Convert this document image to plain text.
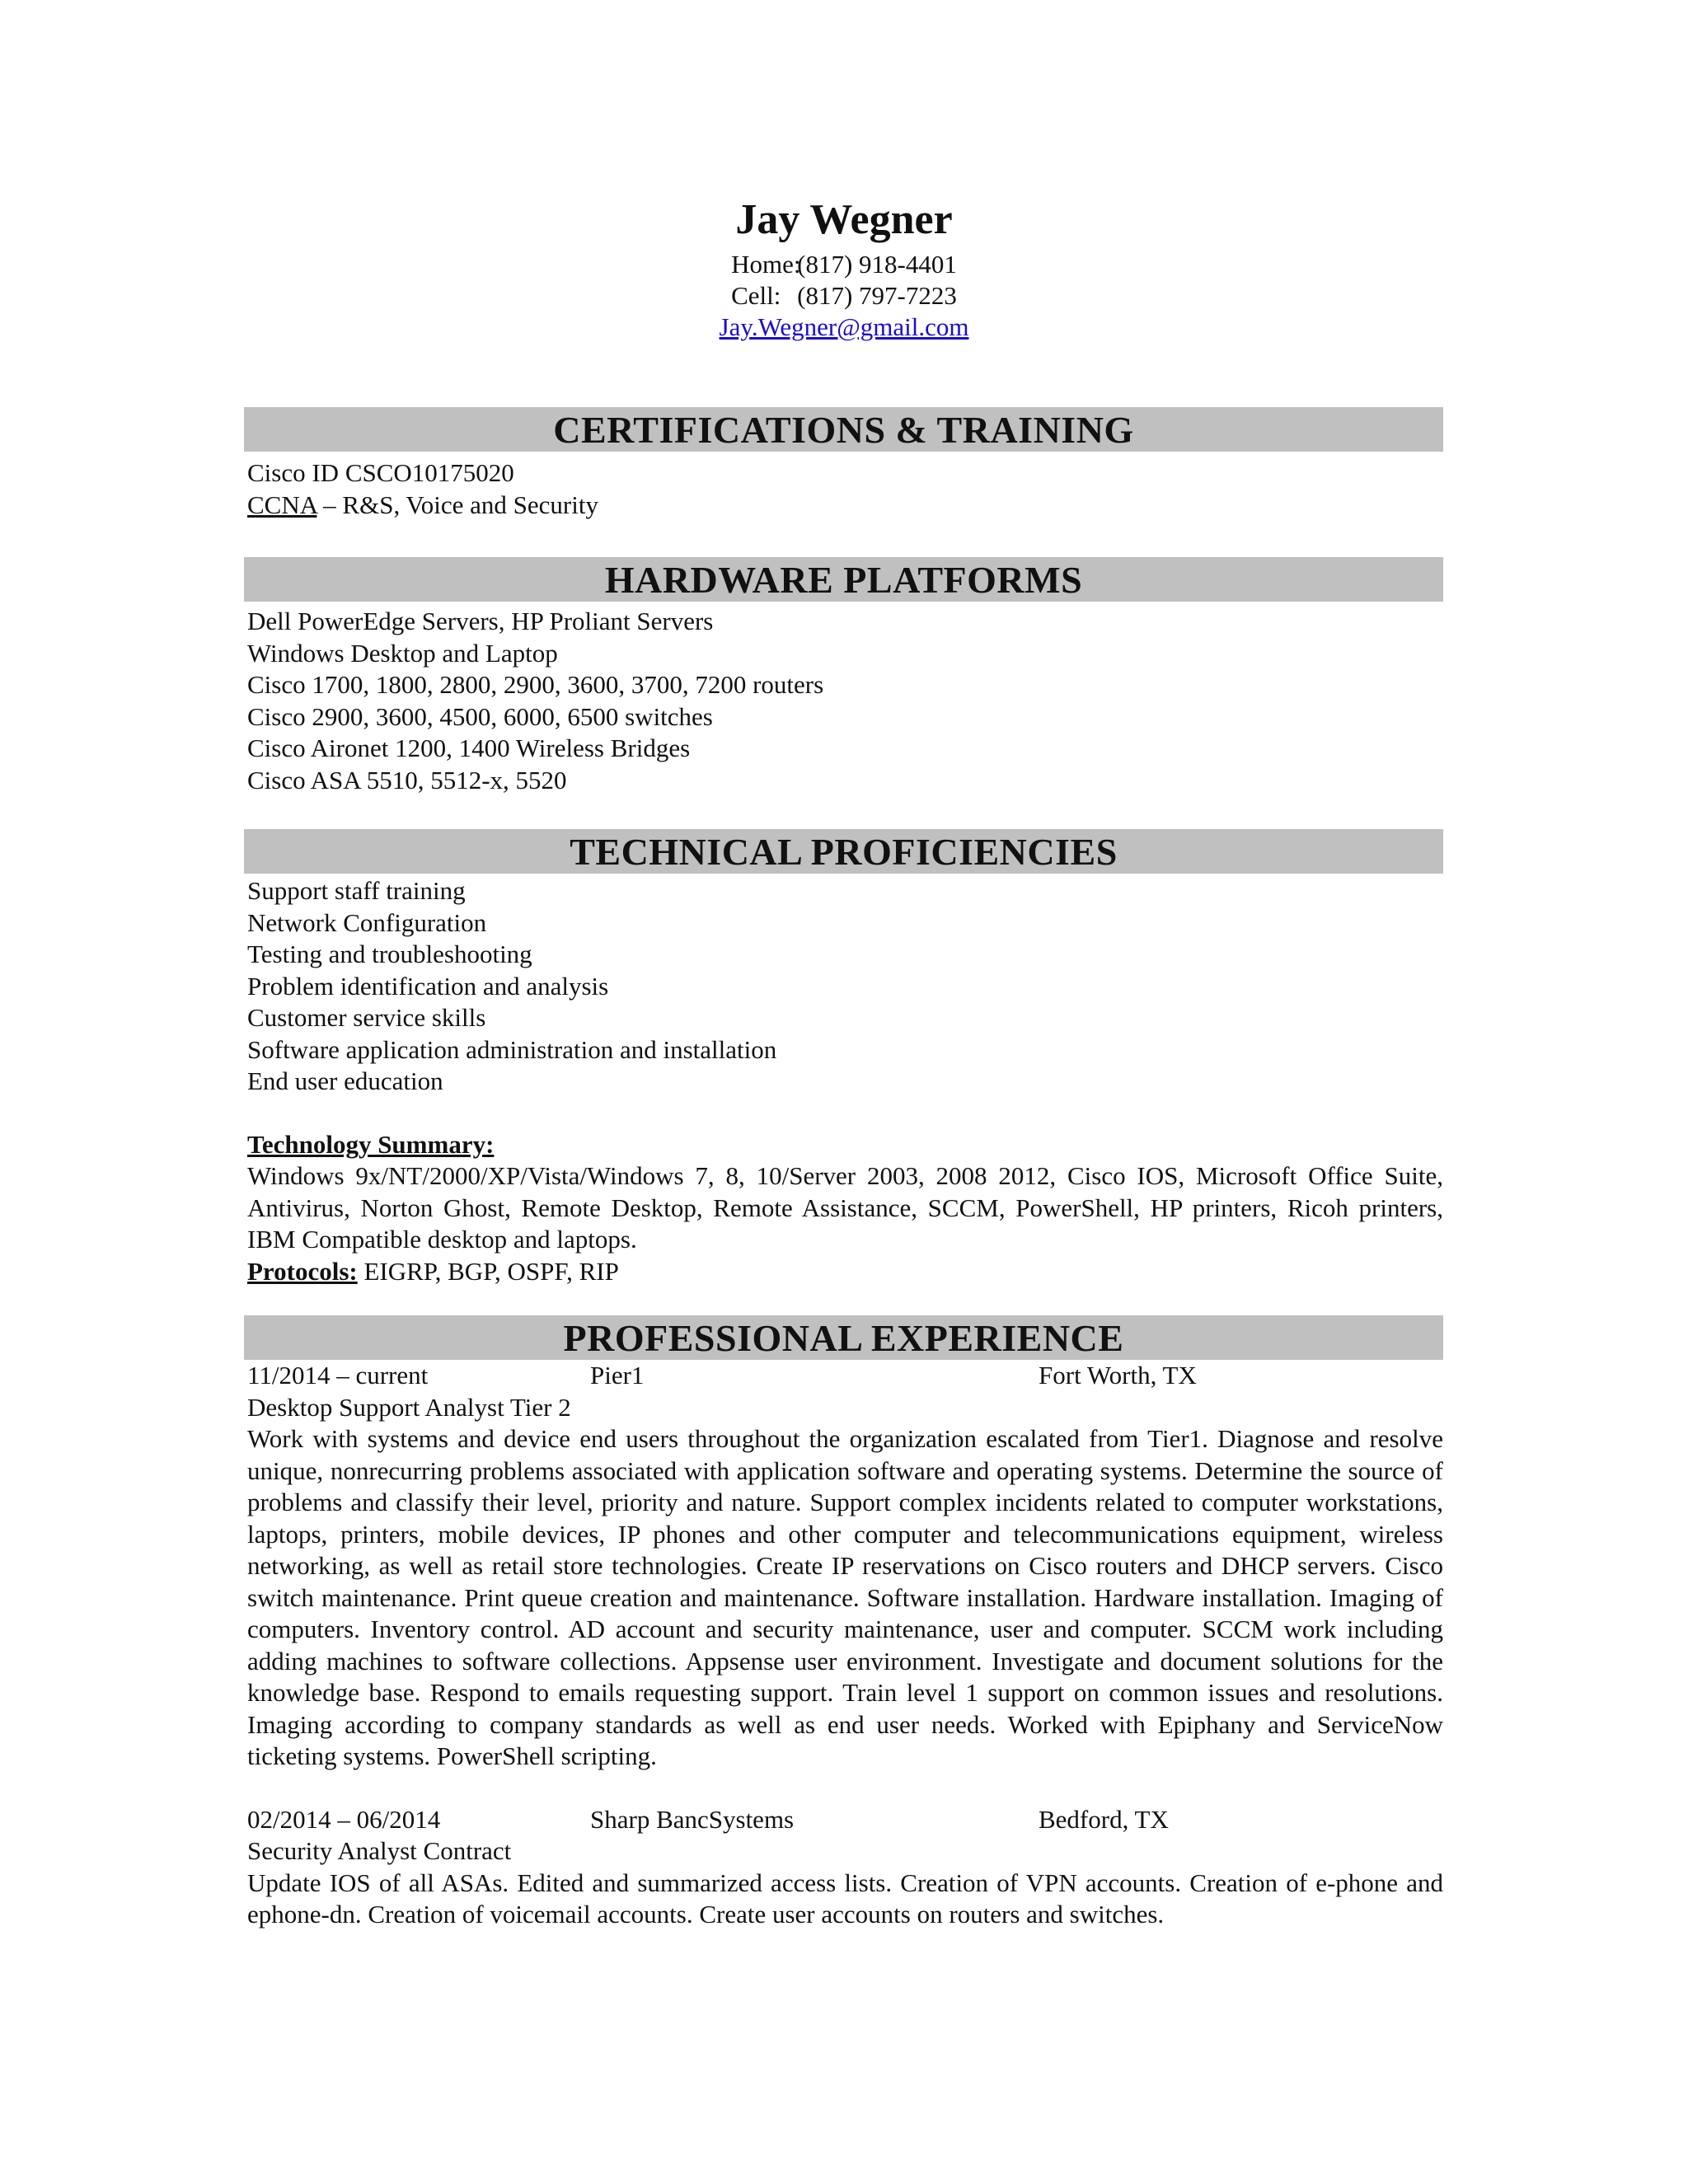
Jay Wegner
Home:(817) 918-4401
Cell: (817) 797-7223
Jay.Wegner@gmail.com
CERTIFICATIONS & TRAINING
Cisco ID CSCO10175020
CCNA – R&S, Voice and Security
HARDWARE PLATFORMS
Dell PowerEdge Servers, HP Proliant Servers
Windows Desktop and Laptop
Cisco 1700, 1800, 2800, 2900, 3600, 3700, 7200 routers
Cisco 2900, 3600, 4500, 6000, 6500 switches
Cisco Aironet 1200, 1400 Wireless Bridges
Cisco ASA 5510, 5512-x, 5520
TECHNICAL PROFICIENCIES
Support staff training
Network Configuration
Testing and troubleshooting
Problem identification and analysis
Customer service skills
Software application administration and installation
End user education
Technology Summary:
Windows 9x/NT/2000/XP/Vista/Windows 7, 8, 10/Server 2003, 2008 2012, Cisco IOS, Microsoft Office Suite, Antivirus, Norton Ghost, Remote Desktop, Remote Assistance, SCCM, PowerShell, HP printers, Ricoh printers, IBM Compatible desktop and laptops.
Protocols: EIGRP, BGP, OSPF, RIP
PROFESSIONAL EXPERIENCE
11/2014 – current	Pier1	Fort Worth, TX
Desktop Support Analyst Tier 2
Work with systems and device end users throughout the organization escalated from Tier1. Diagnose and resolve unique, nonrecurring problems associated with application software and operating systems. Determine the source of problems and classify their level, priority and nature. Support complex incidents related to computer workstations, laptops, printers, mobile devices, IP phones and other computer and telecommunications equipment, wireless networking, as well as retail store technologies. Create IP reservations on Cisco routers and DHCP servers. Cisco switch maintenance. Print queue creation and maintenance. Software installation. Hardware installation. Imaging of computers. Inventory control. AD account and security maintenance, user and computer. SCCM work including adding machines to software collections. Appsense user environment. Investigate and document solutions for the knowledge base. Respond to emails requesting support. Train level 1 support on common issues and resolutions. Imaging according to company standards as well as end user needs. Worked with Epiphany and ServiceNow ticketing systems. PowerShell scripting.
02/2014 – 06/2014	Sharp BancSystems	Bedford, TX
Security Analyst Contract
Update IOS of all ASAs. Edited and summarized access lists. Creation of VPN accounts. Creation of e-phone and ephone-dn. Creation of voicemail accounts. Create user accounts on routers and switches.
